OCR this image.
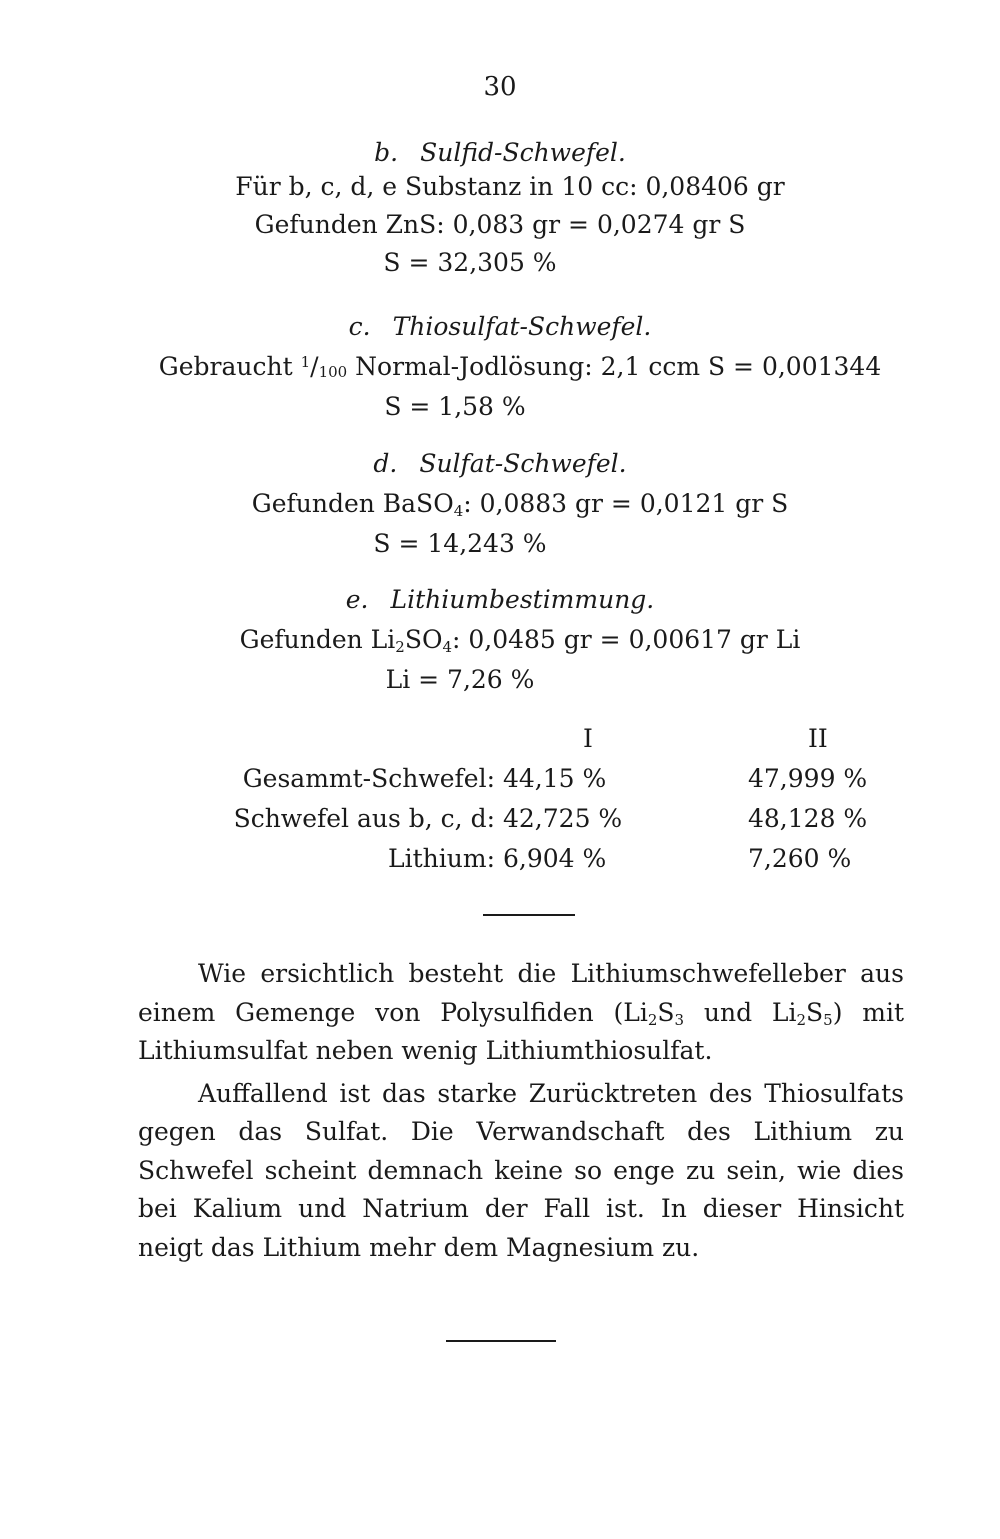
30
b. Sulfid-Schwefel.
Für b, c, d, e Substanz in 10 cc: 0,08406 gr
Gefunden ZnS: 0,083 gr = 0,0274 gr S
S = 32,305 %
c. Thiosulfat-Schwefel.
Gebraucht $^1/_{100}$ Normal-Jodlösung: 2,1 ccm S = 0,001344
S = 1,58 %
d. Sulfat-Schwefel.
Gefunden BaSO$_4$: 0,0883 gr = 0,0121 gr S
S = 14,243 %
e. Lithiumbestimmung.
Gefunden $Li_2SO_4$: 0,0485 gr = 0,00617 gr Li
Li = 7,26 %
	I	II
Gesammt-Schwefel:	44,15 %	47,999 %
Schwefel aus b, c, d:	42,725 %	48,128 %
Lithium:	6,904 %	7,260 %

Wie ersichtlich besteht die Lithiumschwefelleber aus einem Gemenge von Polysulfiden ($Li_2S_3$ und $Li_2S_5$) mit Lithiumsulfat neben wenig Lithiumthiosulfat.

Auffallend ist das starke Zurücktreten des Thiosulfats gegen das Sulfat. Die Verwandschaft des Lithium zu Schwefel scheint demnach keine so enge zu sein, wie dies bei Kalium und Natrium der Fall ist. In dieser Hinsicht neigt das Lithium mehr dem Magnesium zu.
